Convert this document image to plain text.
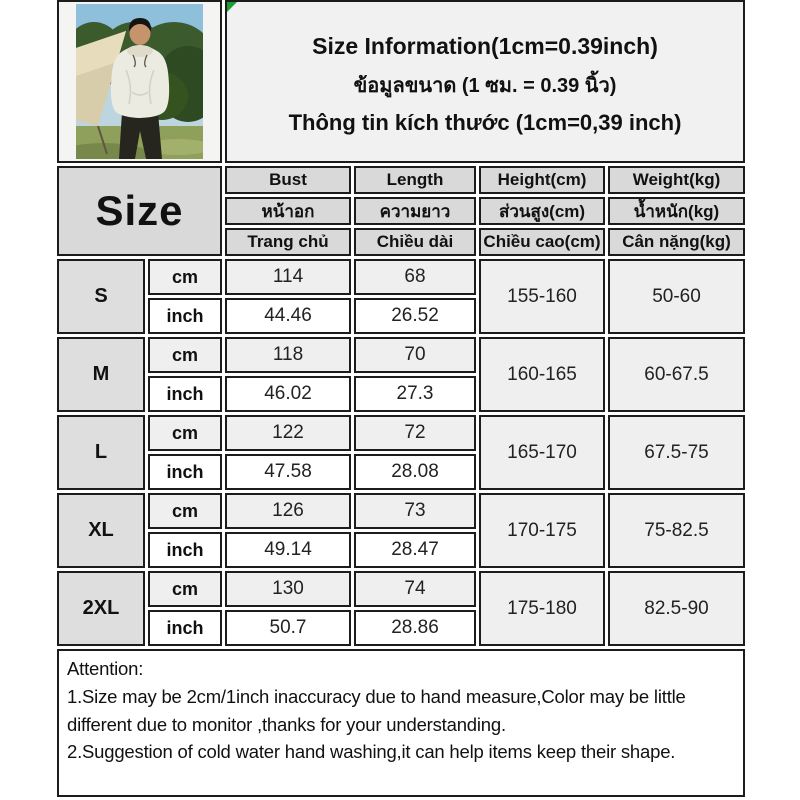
Size Information(1cm=0.39inch)
ข้อมูลขนาด (1 ซม. = 0.39 นิ้ว)
Thông tin kích thước (1cm=0,39 inch)
Size
Bust	Length	Height(cm)	Weight(kg)
หน้าอก	ความยาว	ส่วนสูง(cm)	น้ำหนัก(kg)
Trang chủ	Chiều dài	Chiều cao(cm)	Cân nặng(kg)
S
cm	114	68
155-160	50-60
inch	44.46	26.52
M
cm	118	70
160-165	60-67.5
inch	46.02	27.3
L
cm	122	72
165-170	67.5-75
inch	47.58	28.08
XL
cm	126	73
170-175	75-82.5
inch	49.14	28.47
2XL
cm	130	74
175-180	82.5-90
inch	50.7	28.86
Attention:
1.Size may be 2cm/1inch inaccuracy due to hand measure,Color may be little different due to monitor ,thanks for your understanding.
2.Suggestion of cold water hand washing,it can help items keep their shape.
